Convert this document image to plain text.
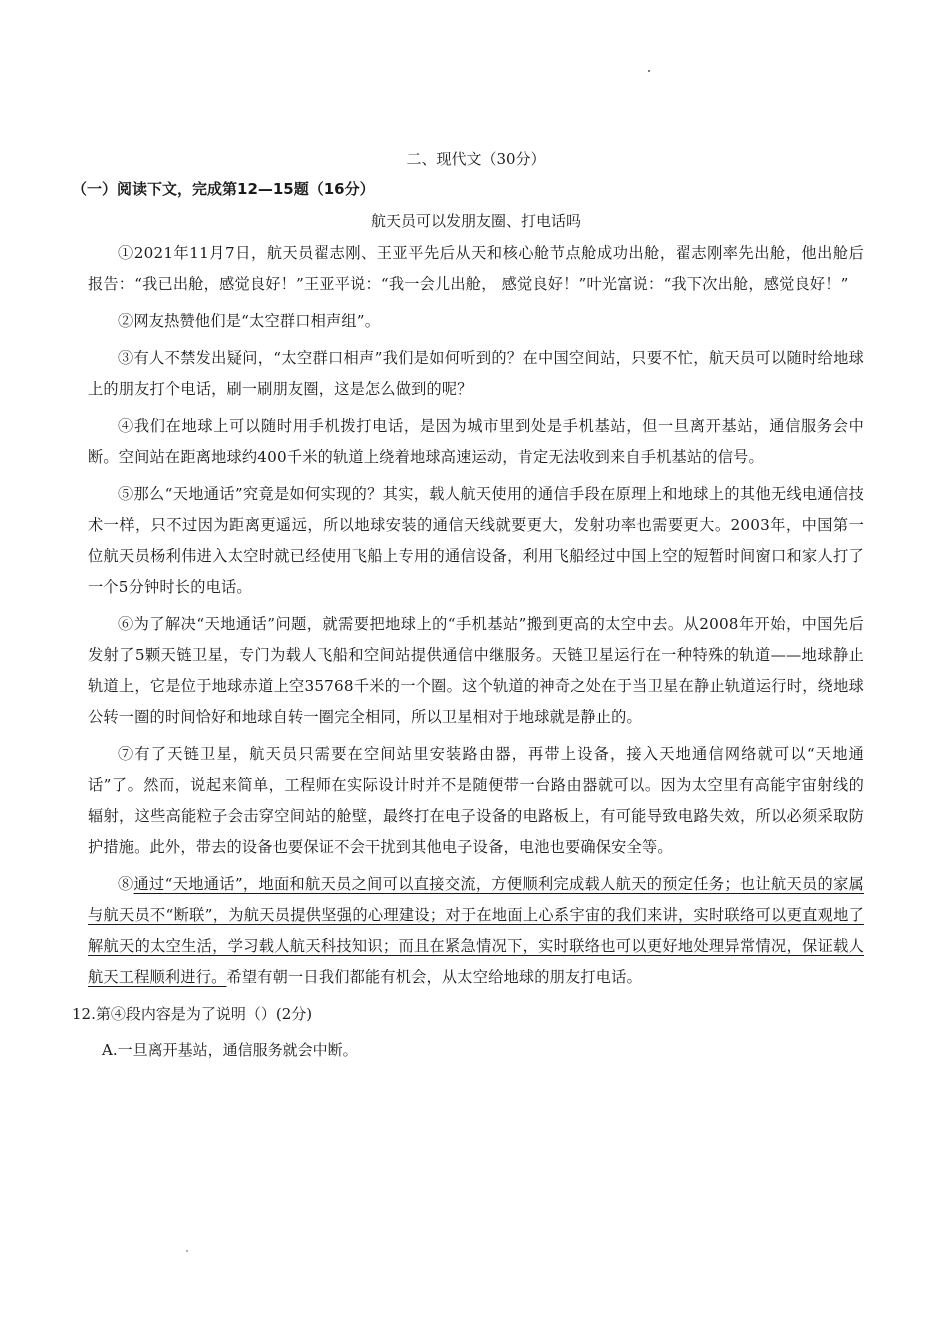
二、现代文（30分）

（一）阅读下文，完成第12—15题（16分）

航天员可以发朋友圈、打电话吗

①2021年11月7日，航天员翟志刚、王亚平先后从天和核心舱节点舱成功出舱，翟志刚率先出舱，他出舱后报告：“我已出舱，感觉良好！”王亚平说：“我一会儿出舱， 感觉良好！”叶光富说：“我下次出舱，感觉良好！”

②网友热赞他们是“太空群口相声组”。

③有人不禁发出疑问，“太空群口相声”我们是如何听到的？在中国空间站，只要不忙，航天员可以随时给地球上的朋友打个电话，刷一刷朋友圈，这是怎么做到的呢？

④我们在地球上可以随时用手机拨打电话，是因为城市里到处是手机基站，但一旦离开基站，通信服务会中断。空间站在距离地球约400千米的轨道上绕着地球高速运动，肯定无法收到来自手机基站的信号。

⑤那么“天地通话”究竟是如何实现的？其实，载人航天使用的通信手段在原理上和地球上的其他无线电通信技术一样，只不过因为距离更遥远，所以地球安装的通信天线就要更大，发射功率也需要更大。2003年，中国第一位航天员杨利伟进入太空时就已经使用飞船上专用的通信设备，利用飞船经过中国上空的短暂时间窗口和家人打了一个5分钟时长的电话。

⑥为了解决“天地通话”问题，就需要把地球上的“手机基站”搬到更高的太空中去。从2008年开始，中国先后发射了5颗天链卫星，专门为载人飞船和空间站提供通信中继服务。天链卫星运行在一种特殊的轨道——地球静止轨道上，它是位于地球赤道上空35768千米的一个圈。这个轨道的神奇之处在于当卫星在静止轨道运行时，绕地球公转一圈的时间恰好和地球自转一圈完全相同，所以卫星相对于地球就是静止的。

⑦有了天链卫星，航天员只需要在空间站里安装路由器，再带上设备，接入天地通信网络就可以“天地通话”了。然而，说起来简单，工程师在实际设计时并不是随便带一台路由器就可以。因为太空里有高能宇宙射线的辐射，这些高能粒子会击穿空间站的舱壁，最终打在电子设备的电路板上，有可能导致电路失效，所以必须采取防护措施。此外，带去的设备也要保证不会干扰到其他电子设备，电池也要确保安全等。

⑧通过“天地通话”，地面和航天员之间可以直接交流，方便顺利完成载人航天的预定任务；也让航天员的家属与航天员不“断联”，为航天员提供坚强的心理建设；对于在地面上心系宇宙的我们来讲，实时联络可以更直观地了解航天的太空生活，学习载人航天科技知识；而且在紧急情况下，实时联络也可以更好地处理异常情况，保证载人航天工程顺利进行。希望有朝一日我们都能有机会，从太空给地球的朋友打电话。

12.第④段内容是为了说明（）(2分)

A.一旦离开基站，通信服务就会中断。
